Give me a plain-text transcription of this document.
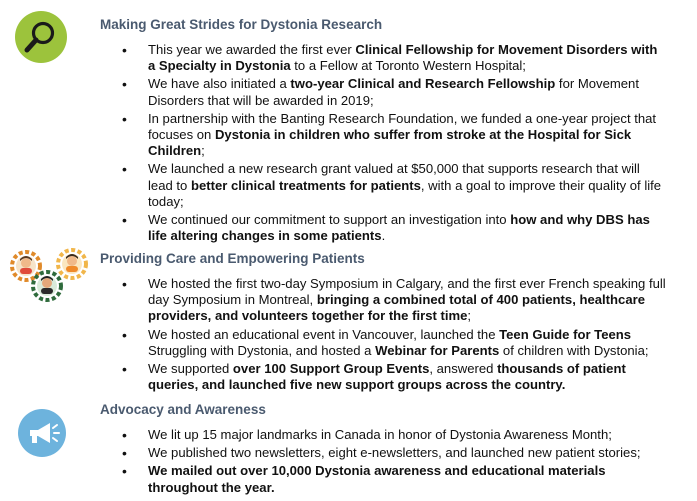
Making Great Strides for Dystonia Research
• This year we awarded the first ever Clinical Fellowship for Movement Disorders with a Specialty in Dystonia to a Fellow at Toronto Western Hospital;
• We have also initiated a two-year Clinical and Research Fellowship for Movement Disorders that will be awarded in 2019;
• In partnership with the Banting Research Foundation, we funded a one-year project that focuses on Dystonia in children who suffer from stroke at the Hospital for Sick Children;
• We launched a new research grant valued at $50,000 that supports research that will lead to better clinical treatments for patients, with a goal to improve their quality of life today;
• We continued our commitment to support an investigation into how and why DBS has life altering changes in some patients.
Providing Care and Empowering Patients
• We hosted the first two-day Symposium in Calgary, and the first ever French speaking full day Symposium in Montreal, bringing a combined total of 400 patients, healthcare providers, and volunteers together for the first time;
• We hosted an educational event in Vancouver, launched the Teen Guide for Teens Struggling with Dystonia, and hosted a Webinar for Parents of children with Dystonia;
• We supported over 100 Support Group Events, answered thousands of patient queries, and launched five new support groups across the country.
Advocacy and Awareness
• We lit up 15 major landmarks in Canada in honor of Dystonia Awareness Month;
• We published two newsletters, eight e-newsletters, and launched new patient stories;
• We mailed out over 10,000 Dystonia awareness and educational materials throughout the year.
